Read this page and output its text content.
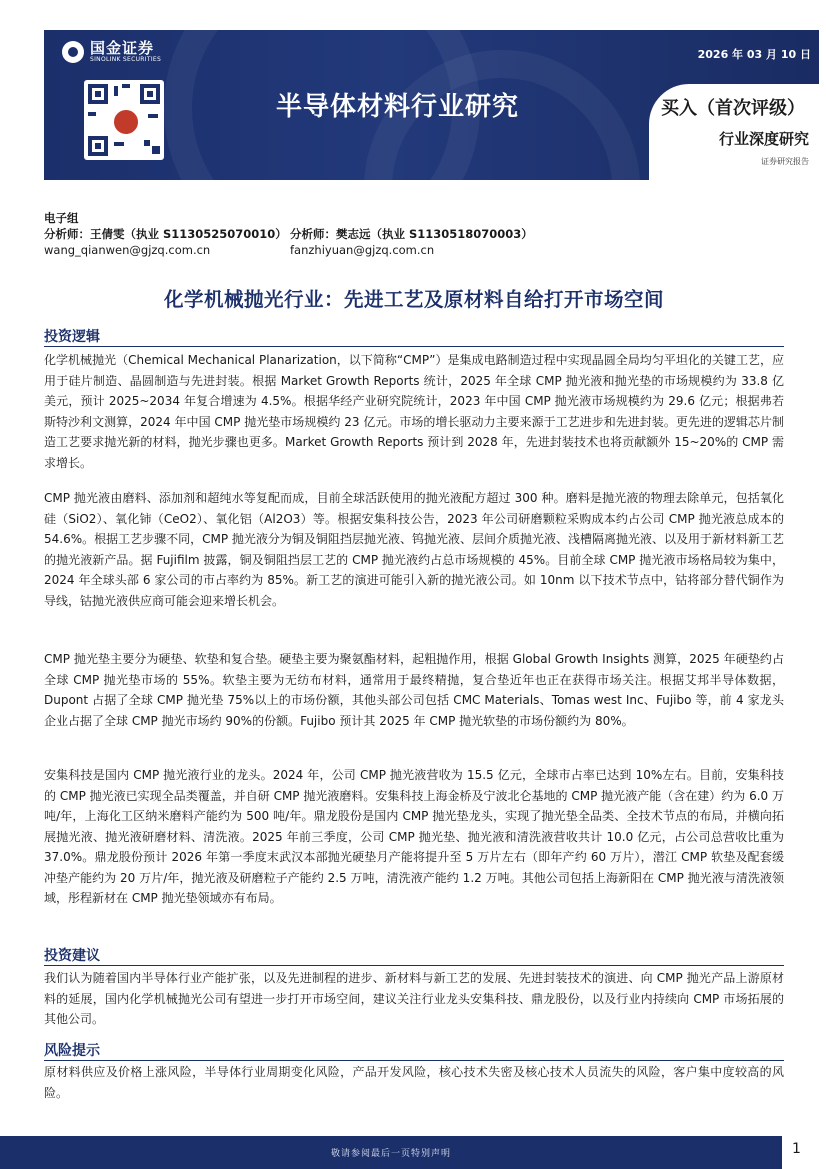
国金证券
SINOLINK SECURITIES	2026 年 03 月 10 日
半导体材料行业研究	买入（首次评级）
行业深度研究
证券研究报告
电子组
分析师：王倩雯（执业 S1130525070010） 分析师：樊志远（执业 S1130518070003）
wang_qianwen@gjzq.com.cn	fanzhiyuan@gjzq.com.cn
化学机械抛光行业：先进工艺及原材料自给打开市场空间
投资逻辑
化学机械抛光（Chemical Mechanical Planarization，以下简称“CMP”）是集成电路制造过程中实现晶圆全局均匀平坦化的关键工艺，应用于硅片制造、晶圆制造与先进封装。根据 Market Growth Reports 统计，2025 年全球 CMP 抛光液和抛光垫的市场规模约为 33.8 亿美元，预计 2025~2034 年复合增速为 4.5%。根据华经产业研究院统计，2023 年中国 CMP 抛光液市场规模约为 29.6 亿元；根据弗若斯特沙利文测算，2024 年中国 CMP 抛光垫市场规模约 23 亿元。市场的增长驱动力主要来源于工艺进步和先进封装。更先进的逻辑芯片制造工艺要求抛光新的材料，抛光步骤也更多。Market Growth Reports 预计到 2028 年，先进封装技术也将贡献额外 15~20%的 CMP 需求增长。
CMP 抛光液由磨料、添加剂和超纯水等复配而成，目前全球活跃使用的抛光液配方超过 300 种。磨料是抛光液的物理去除单元，包括氧化硅（SiO2）、氧化铈（CeO2）、氧化铝（Al2O3）等。根据安集科技公告，2023 年公司研磨颗粒采购成本约占公司 CMP 抛光液总成本的 54.6%。根据工艺步骤不同，CMP 抛光液分为铜及铜阻挡层抛光液、钨抛光液、层间介质抛光液、浅槽隔离抛光液、以及用于新材料新工艺的抛光液新产品。据 Fujifilm 披露，铜及铜阻挡层工艺的 CMP 抛光液约占总市场规模的 45%。目前全球 CMP 抛光液市场格局较为集中，2024 年全球头部 6 家公司的市占率约为 85%。新工艺的演进可能引入新的抛光液公司。如 10nm 以下技术节点中，钴将部分替代铜作为导线，钴抛光液供应商可能会迎来增长机会。
CMP 抛光垫主要分为硬垫、软垫和复合垫。硬垫主要为聚氨酯材料，起粗抛作用，根据 Global Growth Insights 测算，2025 年硬垫约占全球 CMP 抛光垫市场的 55%。软垫主要为无纺布材料，通常用于最终精抛，复合垫近年也正在获得市场关注。根据艾邦半导体数据，Dupont 占据了全球 CMP 抛光垫 75%以上的市场份额，其他头部公司包括 CMC Materials、Tomas west Inc、Fujibo 等，前 4 家龙头企业占据了全球 CMP 抛光市场约 90%的份额。Fujibo 预计其 2025 年 CMP 抛光软垫的市场份额约为 80%。
安集科技是国内 CMP 抛光液行业的龙头。2024 年，公司 CMP 抛光液营收为 15.5 亿元，全球市占率已达到 10%左右。目前，安集科技的 CMP 抛光液已实现全品类覆盖，并自研 CMP 抛光液磨料。安集科技上海金桥及宁波北仑基地的 CMP 抛光液产能（含在建）约为 6.0 万吨/年，上海化工区纳米磨料产能约为 500 吨/年。鼎龙股份是国内 CMP 抛光垫龙头，实现了抛光垫全品类、全技术节点的布局，并横向拓展抛光液、抛光液研磨材料、清洗液。2025 年前三季度，公司 CMP 抛光垫、抛光液和清洗液营收共计 10.0 亿元，占公司总营收比重为 37.0%。鼎龙股份预计 2026 年第一季度末武汉本部抛光硬垫月产能将提升至 5 万片左右（即年产约 60 万片），潜江 CMP 软垫及配套缓冲垫产能约为 20 万片/年，抛光液及研磨粒子产能约 2.5 万吨，清洗液产能约 1.2 万吨。其他公司包括上海新阳在 CMP 抛光液与清洗液领域，彤程新材在 CMP 抛光垫领域亦有布局。
投资建议
我们认为随着国内半导体行业产能扩张，以及先进制程的进步、新材料与新工艺的发展、先进封装技术的演进、向 CMP 抛光产品上游原材料的延展，国内化学机械抛光公司有望进一步打开市场空间，建议关注行业龙头安集科技、鼎龙股份，以及行业内持续向 CMP 市场拓展的其他公司。
风险提示
原材料供应及价格上涨风险，半导体行业周期变化风险，产品开发风险，核心技术失密及核心技术人员流失的风险，客户集中度较高的风险。
敬请参阅最后一页特别声明	1
